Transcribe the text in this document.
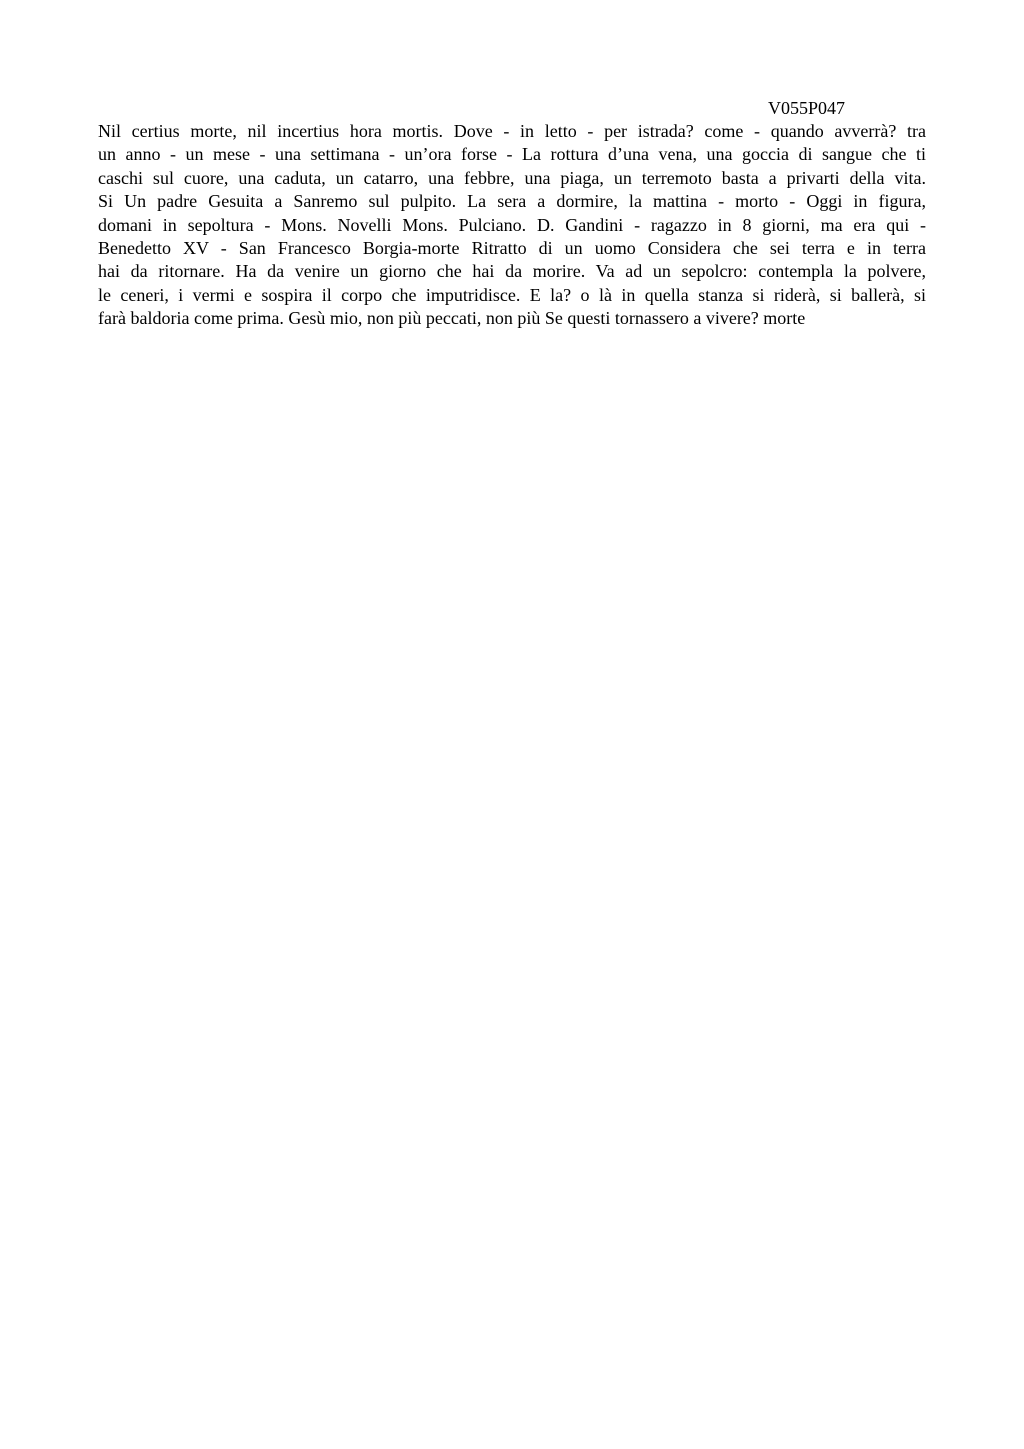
V055P047

Nil certius morte, nil incertius hora mortis. Dove - in letto - per istrada? come - quando avverrà? tra
un anno - un mese - una settimana - un’ora forse - La rottura d’una vena, una goccia di sangue che ti
caschi sul cuore, una caduta, un catarro, una febbre, una piaga, un terremoto basta a privarti della vita.
Si Un padre Gesuita a Sanremo sul pulpito. La sera a dormire, la mattina - morto - Oggi in figura,
domani in sepoltura - Mons. Novelli Mons. Pulciano. D. Gandini - ragazzo in 8 giorni, ma era qui -
Benedetto XV - San Francesco Borgia-morte Ritratto di un uomo Considera che sei terra e in terra
hai da ritornare. Ha da venire un giorno che hai da morire. Va ad un sepolcro: contempla la polvere,
le ceneri, i vermi e sospira il corpo che imputridisce. E la? o là in quella stanza si riderà, si ballerà, si
farà baldoria come prima. Gesù mio, non più peccati, non più Se questi tornassero a vivere? morte
